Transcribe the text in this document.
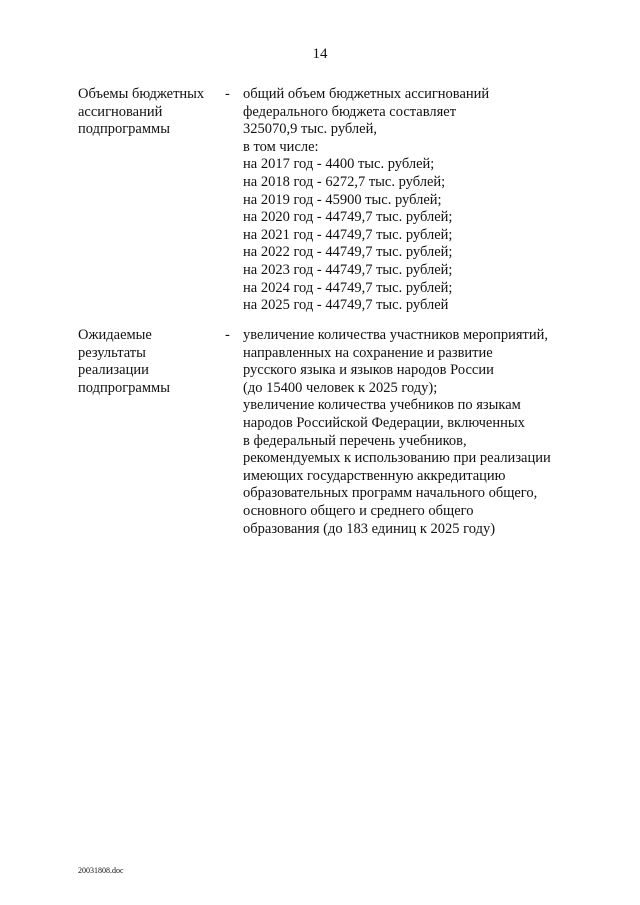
14
Объемы бюджетных
ассигнований
подпрограммы
- общий объем бюджетных ассигнований
федерального бюджета составляет
325070,9 тыс. рублей,
в том числе:
на 2017 год - 4400 тыс. рублей;
на 2018 год - 6272,7 тыс. рублей;
на 2019 год - 45900 тыс. рублей;
на 2020 год - 44749,7 тыс. рублей;
на 2021 год - 44749,7 тыс. рублей;
на 2022 год - 44749,7 тыс. рублей;
на 2023 год - 44749,7 тыс. рублей;
на 2024 год - 44749,7 тыс. рублей;
на 2025 год - 44749,7 тыс. рублей
Ожидаемые
результаты
реализации
подпрограммы
- увеличение количества участников мероприятий,
направленных на сохранение и развитие
русского языка и языков народов России
(до 15400 человек к 2025 году);
увеличение количества учебников по языкам
народов Российской Федерации, включенных
в федеральный перечень учебников,
рекомендуемых к использованию при реализации
имеющих государственную аккредитацию
образовательных программ начального общего,
основного общего и среднего общего
образования (до 183 единиц к 2025 году)
20031808.doc
